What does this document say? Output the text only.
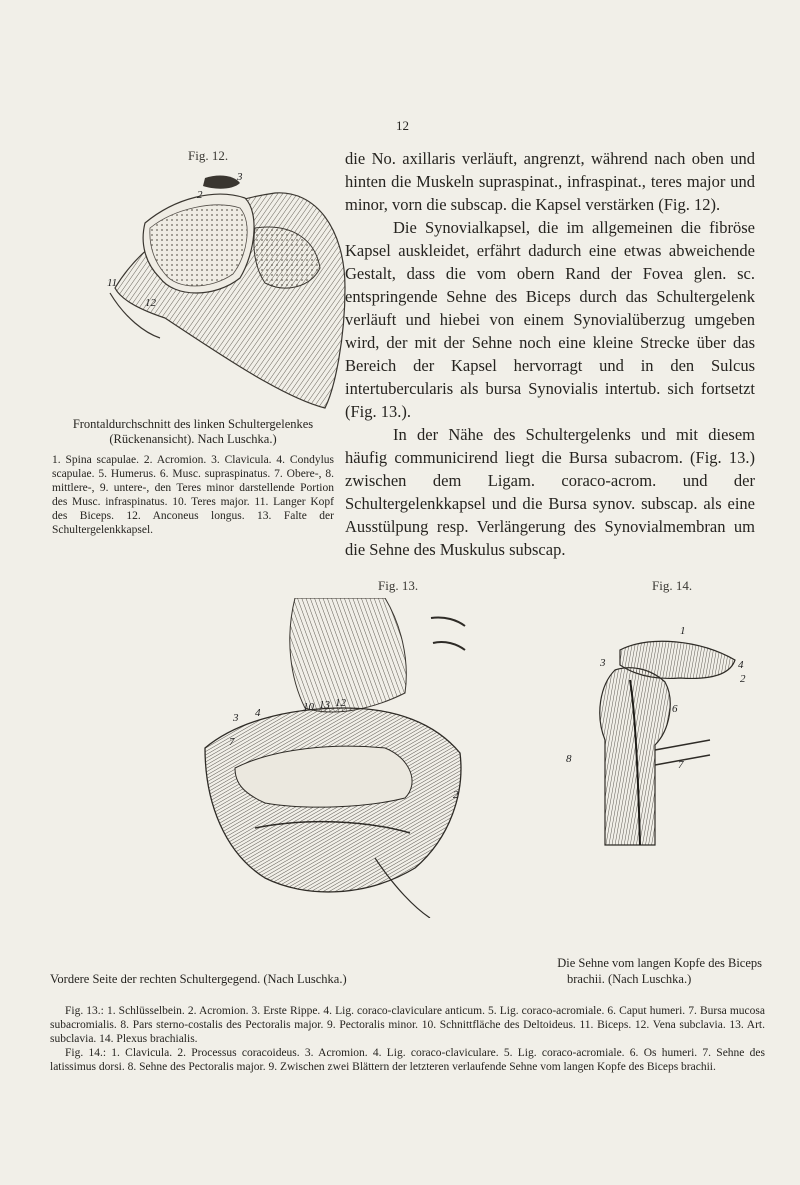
12
Fig. 12.
2
3
11
12
Frontaldurchschnitt des linken Schultergelenkes (Rückenansicht). Nach Luschka.)
1. Spina scapulae. 2. Acromion. 3. Clavicula. 4. Condylus scapulae. 5. Humerus. 6. Musc. supraspinatus. 7. Obere-, 8. mittlere-, 9. untere-, den Teres minor darstellende Portion des Musc. infraspinatus. 10. Teres major. 11. Langer Kopf des Biceps. 12. Anconeus longus. 13. Falte der Schultergelenkkapsel.

die No. axillaris verläuft, angrenzt, während nach oben und hinten die Muskeln supraspinat., infraspinat., teres major und minor, vorn die subscap. die Kapsel verstärken (Fig. 12).

Die Synovialkapsel, die im allgemeinen die fibröse Kapsel auskleidet, erfährt dadurch eine etwas abweichende Gestalt, dass die vom obern Rand der Fovea glen. sc. entspringende Sehne des Biceps durch das Schultergelenk verläuft und hiebei von einem Synovialüberzug umgeben wird, der mit der Sehne noch eine kleine Strecke über das Bereich der Kapsel hervorragt und in den Sulcus intertubercularis als bursa Synovialis intertub. sich fortsetzt (Fig. 13.).

In der Nähe des Schultergelenks und mit diesem häufig communicirend liegt die Bursa subacrom. (Fig. 13.) zwischen dem Ligam. coraco-acrom. und der Schultergelenkkapsel und die Bursa synov. subscap. als eine Ausstülpung resp. Verlängerung des Synovialmembran um die Sehne des Muskulus subscap.

Fig. 13.	Fig. 14.
3 4
7
2
10 13 12
1
3	4
2
6
8	7
Die Sehne vom langen Kopfe des Biceps
Vordere Seite der rechten Schultergegend. (Nach Luschka.)	brachii. (Nach Luschka.)

Fig. 13.: 1. Schlüsselbein. 2. Acromion. 3. Erste Rippe. 4. Lig. coraco-claviculare anticum. 5. Lig. coraco-acromiale. 6. Caput humeri. 7. Bursa mucosa subacromialis. 8. Pars sterno-costalis des Pectoralis major. 9. Pectoralis minor. 10. Schnittfläche des Deltoideus. 11. Biceps. 12. Vena subclavia. 13. Art. subclavia. 14. Plexus brachialis.

Fig. 14.: 1. Clavicula. 2. Processus coracoideus. 3. Acromion. 4. Lig. coraco-claviculare. 5. Lig. coraco-acromiale. 6. Os humeri. 7. Sehne des latissimus dorsi. 8. Sehne des Pectoralis major. 9. Zwischen zwei Blättern der letzteren verlaufende Sehne vom langen Kopfe des Biceps brachii.
